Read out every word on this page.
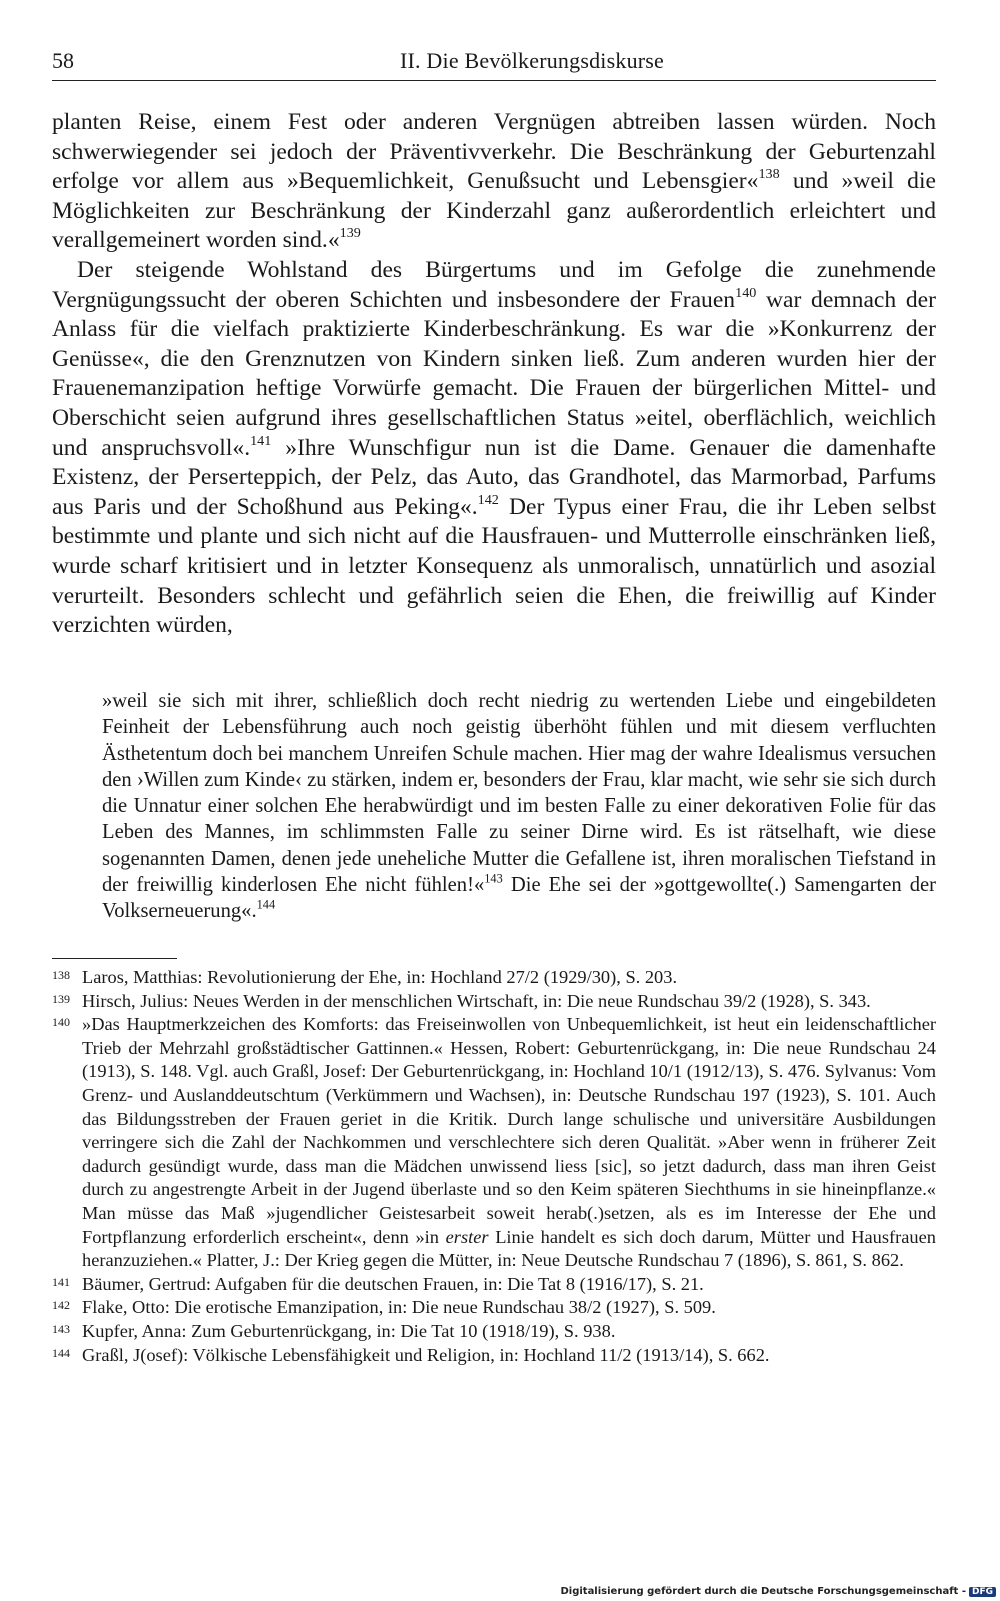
58	II. Die Bevölkerungsdiskurse

planten Reise, einem Fest oder anderen Vergnügen abtreiben lassen würden. Noch schwerwiegender sei jedoch der Präventivverkehr. Die Beschränkung der Geburtenzahl erfolge vor allem aus »Bequemlichkeit, Genußsucht und Lebensgier«$^{138}$ und »weil die Möglichkeiten zur Beschränkung der Kinderzahl ganz außerordentlich erleichtert und verallgemeinert worden sind.«$^{139}$

Der steigende Wohlstand des Bürgertums und im Gefolge die zunehmende Vergnügungssucht der oberen Schichten und insbesondere der Frauen$^{140}$ war demnach der Anlass für die vielfach praktizierte Kinderbeschränkung. Es war die »Konkurrenz der Genüsse«, die den Grenznutzen von Kindern sinken ließ. Zum anderen wurden hier der Frauenemanzipation heftige Vorwürfe gemacht. Die Frauen der bürgerlichen Mittel- und Oberschicht seien aufgrund ihres gesellschaftlichen Status »eitel, oberflächlich, weichlich und anspruchsvoll«.$^{141}$ »Ihre Wunschfigur nun ist die Dame. Genauer die damenhafte Existenz, der Perserteppich, der Pelz, das Auto, das Grandhotel, das Marmorbad, Parfums aus Paris und der Schoßhund aus Peking«.$^{142}$ Der Typus einer Frau, die ihr Leben selbst bestimmte und plante und sich nicht auf die Hausfrauen- und Mutterrolle einschränken ließ, wurde scharf kritisiert und in letzter Konsequenz als unmoralisch, unnatürlich und asozial verurteilt. Besonders schlecht und gefährlich seien die Ehen, die freiwillig auf Kinder verzichten würden,

»weil sie sich mit ihrer, schließlich doch recht niedrig zu wertenden Liebe und eingebildeten Feinheit der Lebensführung auch noch geistig überhöht fühlen und mit diesem verfluchten Ästhetentum doch bei manchem Unreifen Schule machen. Hier mag der wahre Idealismus versuchen den ›Willen zum Kinde‹ zu stärken, indem er, besonders der Frau, klar macht, wie sehr sie sich durch die Unnatur einer solchen Ehe herabwürdigt und im besten Falle zu einer dekorativen Folie für das Leben des Mannes, im schlimmsten Falle zu seiner Dirne wird. Es ist rätselhaft, wie diese sogenannten Damen, denen jede uneheliche Mutter die Gefallene ist, ihren moralischen Tiefstand in der freiwillig kinderlosen Ehe nicht fühlen!«$^{143}$ Die Ehe sei der »gottgewollte(.) Samengarten der Volkserneuerung«.$^{144}$

138 Laros, Matthias: Revolutionierung der Ehe, in: Hochland 27/2 (1929/30), S. 203.

139 Hirsch, Julius: Neues Werden in der menschlichen Wirtschaft, in: Die neue Rundschau 39/2 (1928), S. 343.

140 »Das Hauptmerkzeichen des Komforts: das Freiseinwollen von Unbequemlichkeit, ist heut ein leidenschaftlicher Trieb der Mehrzahl großstädtischer Gattinnen.« Hessen, Robert: Geburtenrückgang, in: Die neue Rundschau 24 (1913), S. 148. Vgl. auch Graßl, Josef: Der Geburtenrückgang, in: Hochland 10/1 (1912/13), S. 476. Sylvanus: Vom Grenz- und Auslanddeutschtum (Verkümmern und Wachsen), in: Deutsche Rundschau 197 (1923), S. 101. Auch das Bildungsstreben der Frauen geriet in die Kritik. Durch lange schulische und universitäre Ausbildungen verringere sich die Zahl der Nachkommen und verschlechtere sich deren Qualität. »Aber wenn in früherer Zeit dadurch gesündigt wurde, dass man die Mädchen unwissend liess [sic], so jetzt dadurch, dass man ihren Geist durch zu angestrengte Arbeit in der Jugend überlaste und so den Keim späteren Siechthums in sie hineinpflanze.« Man müsse das Maß »jugendlicher Geistesarbeit soweit herab(.)setzen, als es im Interesse der Ehe und Fortpflanzung erforderlich erscheint«, denn »in erster Linie handelt es sich doch darum, Mütter und Hausfrauen heranzuziehen.« Platter, J.: Der Krieg gegen die Mütter, in: Neue Deutsche Rundschau 7 (1896), S. 861, S. 862.

141 Bäumer, Gertrud: Aufgaben für die deutschen Frauen, in: Die Tat 8 (1916/17), S. 21.

142 Flake, Otto: Die erotische Emanzipation, in: Die neue Rundschau 38/2 (1927), S. 509.

143 Kupfer, Anna: Zum Geburtenrückgang, in: Die Tat 10 (1918/19), S. 938.

144 Graßl, J(osef): Völkische Lebensfähigkeit und Religion, in: Hochland 11/2 (1913/14), S. 662.

Digitalisierung gefördert durch die Deutsche Forschungsgemeinschaft - DFG
